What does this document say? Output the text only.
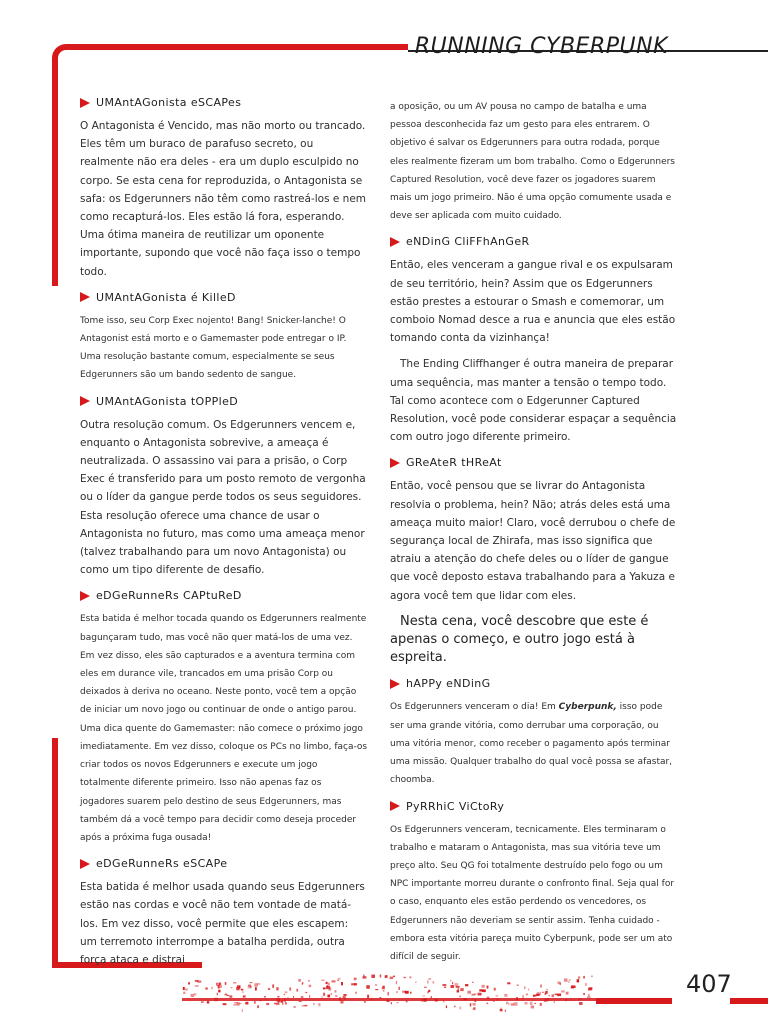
RUNNING CYBERPUNK
407
UMAntAGonista eSCAPes

O Antagonista é Vencido, mas não morto ou trancado. Eles têm um buraco de parafuso secreto, ou realmente não era deles - era um duplo esculpido no corpo. Se esta cena for reproduzida, o Antagonista se safa: os Edgerunners não têm como rastreá-los e nem como recapturá-los. Eles estão lá fora, esperando. Uma ótima maneira de reutilizar um oponente importante, supondo que você não faça isso o tempo todo.

UMAntAGonista é KilleD

Tome isso, seu Corp Exec nojento! Bang! Snicker-lanche! O Antagonist está morto e o Gamemaster pode entregar o IP. Uma resolução bastante comum, especialmente se seus Edgerunners são um bando sedento de sangue.

UMAntAGonista tOPPleD

Outra resolução comum. Os Edgerunners vencem e, enquanto o Antagonista sobrevive, a ameaça é neutralizada. O assassino vai para a prisão, o Corp Exec é transferido para um posto remoto de vergonha ou o líder da gangue perde todos os seus seguidores. Esta resolução oferece uma chance de usar o Antagonista no futuro, mas como uma ameaça menor (talvez trabalhando para um novo Antagonista) ou como um tipo diferente de desafio.

eDGeRunneRs CAPtuReD

Esta batida é melhor tocada quando os Edgerunners realmente bagunçaram tudo, mas você não quer matá-los de uma vez. Em vez disso, eles são capturados e a aventura termina com eles em durance vile, trancados em uma prisão Corp ou deixados à deriva no oceano. Neste ponto, você tem a opção de iniciar um novo jogo ou continuar de onde o antigo parou. Uma dica quente do Gamemaster: não comece o próximo jogo imediatamente. Em vez disso, coloque os PCs no limbo, faça-os criar todos os novos Edgerunners e execute um jogo totalmente diferente primeiro. Isso não apenas faz os jogadores suarem pelo destino de seus Edgerunners, mas também dá a você tempo para decidir como deseja proceder após a próxima fuga ousada!

eDGeRunneRs eSCAPe

Esta batida é melhor usada quando seus Edgerunners estão nas cordas e você não tem vontade de matá-los. Em vez disso, você permite que eles escapem: um terremoto interrompe a batalha perdida, outra força ataca e distrai

a oposição, ou um AV pousa no campo de batalha e uma pessoa desconhecida faz um gesto para eles entrarem. O objetivo é salvar os Edgerunners para outra rodada, porque eles realmente fizeram um bom trabalho. Como o Edgerunners Captured Resolution, você deve fazer os jogadores suarem mais um jogo primeiro. Não é uma opção comumente usada e deve ser aplicada com muito cuidado.

eNDinG CliFFhAnGeR

Então, eles venceram a gangue rival e os expulsaram de seu território, hein? Assim que os Edgerunners estão prestes a estourar o Smash e comemorar, um comboio Nomad desce a rua e anuncia que eles estão tomando conta da vizinhança!

The Ending Cliffhanger é outra maneira de preparar uma sequência, mas manter a tensão o tempo todo. Tal como acontece com o Edgerunner Captured Resolution, você pode considerar espaçar a sequência com outro jogo diferente primeiro.

GReAteR tHReAt

Então, você pensou que se livrar do Antagonista resolvia o problema, hein? Não; atrás deles está uma ameaça muito maior! Claro, você derrubou o chefe de segurança local de Zhirafa, mas isso significa que atraiu a atenção do chefe deles ou o líder de gangue que você deposto estava trabalhando para a Yakuza e agora você tem que lidar com eles.

Nesta cena, você descobre que este é apenas o começo, e outro jogo está à espreita.

hAPPy eNDinG

Os Edgerunners venceram o dia! Em Cyberpunk, isso pode ser uma grande vitória, como derrubar uma corporação, ou uma vitória menor, como receber o pagamento após terminar uma missão. Qualquer trabalho do qual você possa se afastar, choomba.

PyRRhiC ViCtoRy

Os Edgerunners venceram, tecnicamente. Eles terminaram o trabalho e mataram o Antagonista, mas sua vitória teve um preço alto. Seu QG foi totalmente destruído pelo fogo ou um NPC importante morreu durante o confronto final. Seja qual for o caso, enquanto eles estão perdendo os vencedores, os Edgerunners não deveriam se sentir assim. Tenha cuidado - embora esta vitória pareça muito Cyberpunk, pode ser um ato difícil de seguir.
